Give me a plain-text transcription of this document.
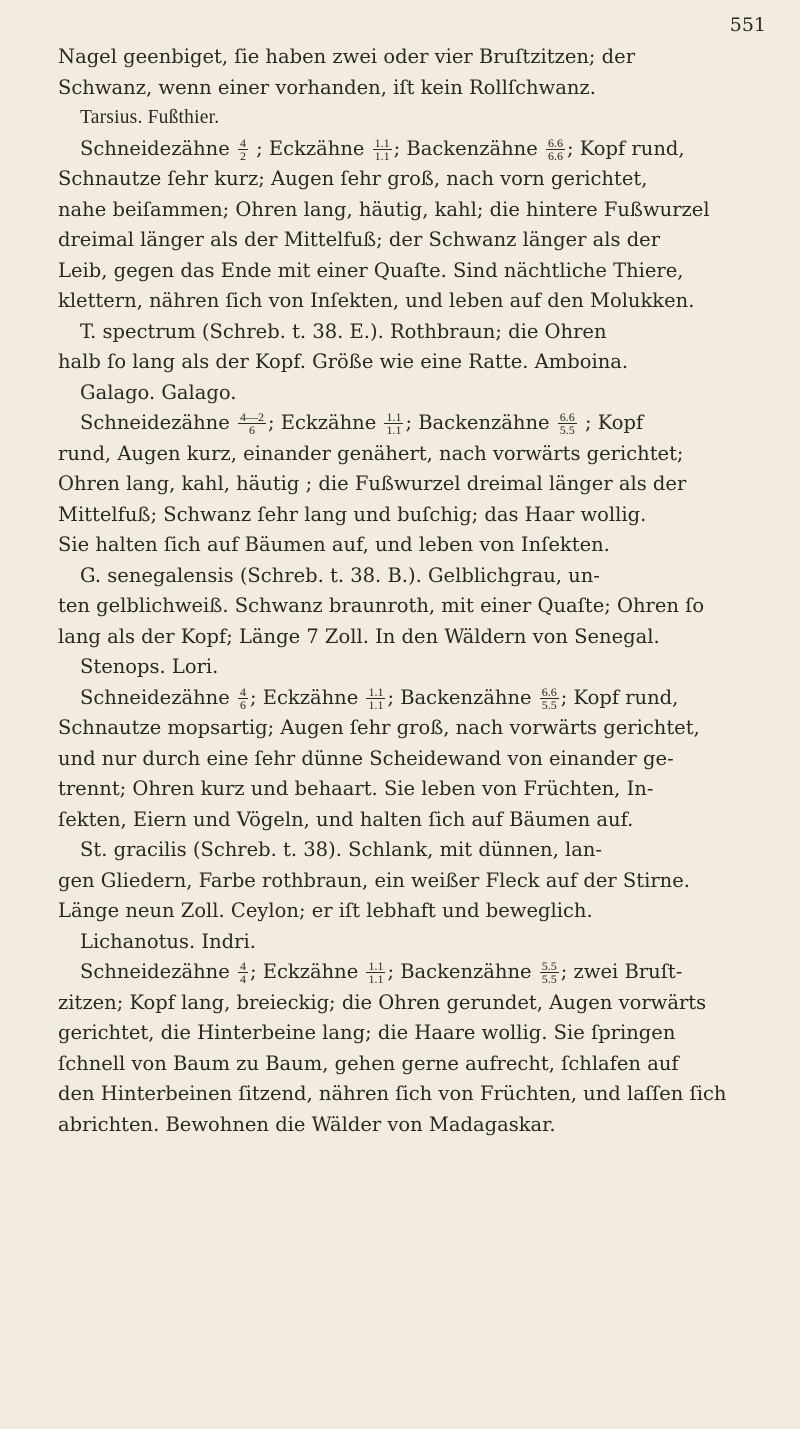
551
Nagel geenbiget, ſie haben zwei oder vier Bruſtzitzen; der
Schwanz, wenn einer vorhanden, iſt kein Rollſchwanz.
Tarsius. Fußthier.
Schneidezähne $\frac{4}{2}$ ; Eckzähne $\frac{1.1}{1.1}$ ; Backenzähne $\frac{6.6}{6.6}$ ; Kopf rund,
Schnautze ſehr kurz; Augen ſehr groß, nach vorn gerichtet,
nahe beiſammen; Ohren lang, häutig, kahl; die hintere Fußwurzel
dreimal länger als der Mittelfuß; der Schwanz länger als der
Leib, gegen das Ende mit einer Quaſte. Sind nächtliche Thiere,
klettern, nähren ſich von Inſekten, und leben auf den Molukken.
T. spectrum (Schreb. t. 38. E.). Rothbraun; die Ohren
halb ſo lang als der Kopf. Größe wie eine Ratte. Amboina.
Galago. Galago.
Schneidezähne $\frac{4—2}{6}$ ; Eckzähne $\frac{1.1}{1.1}$ ; Backenzähne $\frac{6.6}{5.5}$ ; Kopf
rund, Augen kurz, einander genähert, nach vorwärts gerichtet;
Ohren lang, kahl, häutig ; die Fußwurzel dreimal länger als der
Mittelfuß; Schwanz ſehr lang und buſchig; das Haar wollig.
Sie halten ſich auf Bäumen auf, und leben von Inſekten.
G. senegalensis (Schreb. t. 38. B.). Gelblichgrau, un-
ten gelblichweiß. Schwanz braunroth, mit einer Quaſte; Ohren ſo
lang als der Kopf; Länge 7 Zoll. In den Wäldern von Senegal.
Stenops. Lori.
Schneidezähne $\frac{4}{6}$ ; Eckzähne $\frac{1.1}{1.1}$ ; Backenzähne $\frac{6.6}{5.5}$ ; Kopf rund,
Schnautze mopsartig; Augen ſehr groß, nach vorwärts gerichtet,
und nur durch eine ſehr dünne Scheidewand von einander ge-
trennt; Ohren kurz und behaart. Sie leben von Früchten, In-
ſekten, Eiern und Vögeln, und halten ſich auf Bäumen auf.
St. gracilis (Schreb. t. 38). Schlank, mit dünnen, lan-
gen Gliedern, Farbe rothbraun, ein weißer Fleck auf der Stirne.
Länge neun Zoll. Ceylon; er iſt lebhaft und beweglich.
Lichanotus. Indri.
Schneidezähne $\frac{4}{4}$ ; Eckzähne $\frac{1.1}{1.1}$ ; Backenzähne $\frac{5.5}{5.5}$ ; zwei Bruſt-
zitzen; Kopf lang, breieckig; die Ohren gerundet, Augen vorwärts
gerichtet, die Hinterbeine lang; die Haare wollig. Sie ſpringen
ſchnell von Baum zu Baum, gehen gerne aufrecht, ſchlafen auf
den Hinterbeinen ſitzend, nähren ſich von Früchten, und laſſen ſich
abrichten. Bewohnen die Wälder von Madagaskar.
